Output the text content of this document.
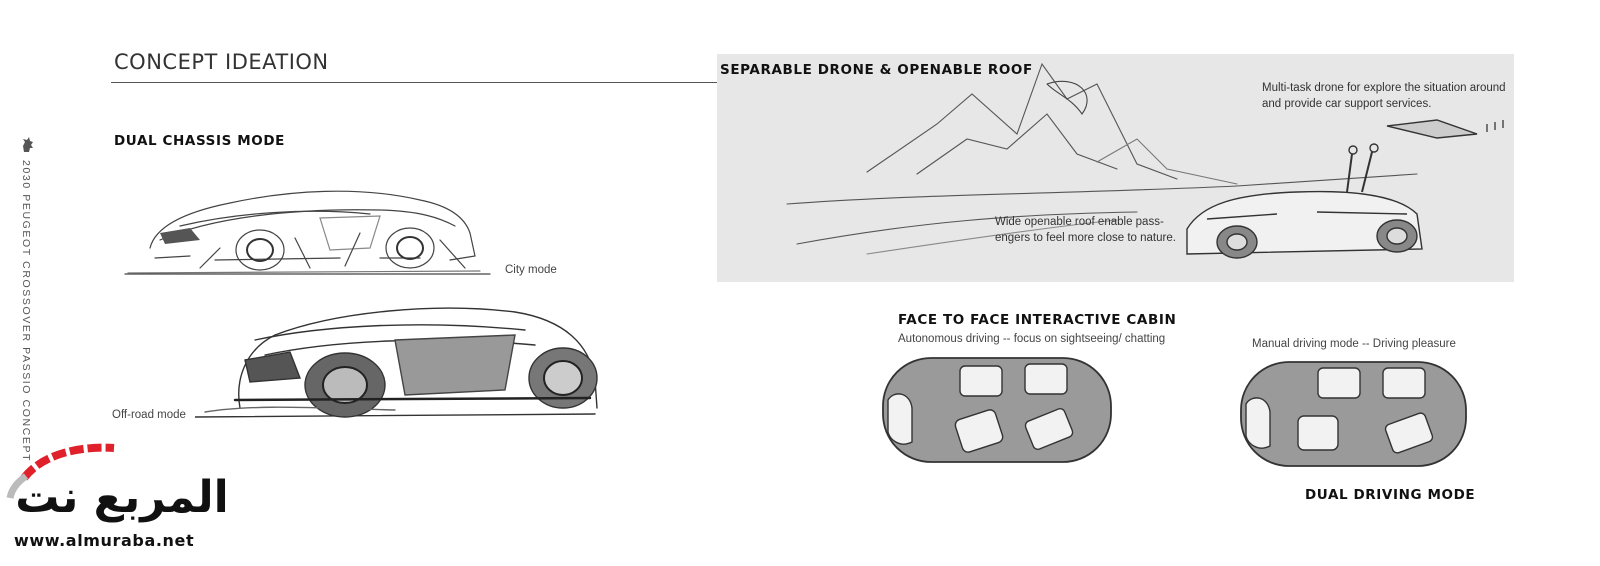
CONCEPT IDEATION
2030 PEUGEOT CROSSOVER PASSIO CONCEPT
DUAL CHASSIS MODE
City mode
Off-road mode
SEPARABLE DRONE & OPENABLE ROOF
Multi-task drone for explore the situation around
and provide car support services.
Wide openable roof enable pass-
engers to feel more close to nature.
FACE TO FACE INTERACTIVE CABIN
Autonomous driving -- focus on sightseeing/ chatting	Manual driving mode -- Driving pleasure
DUAL DRIVING MODE
المربع نت
www.almuraba.net
